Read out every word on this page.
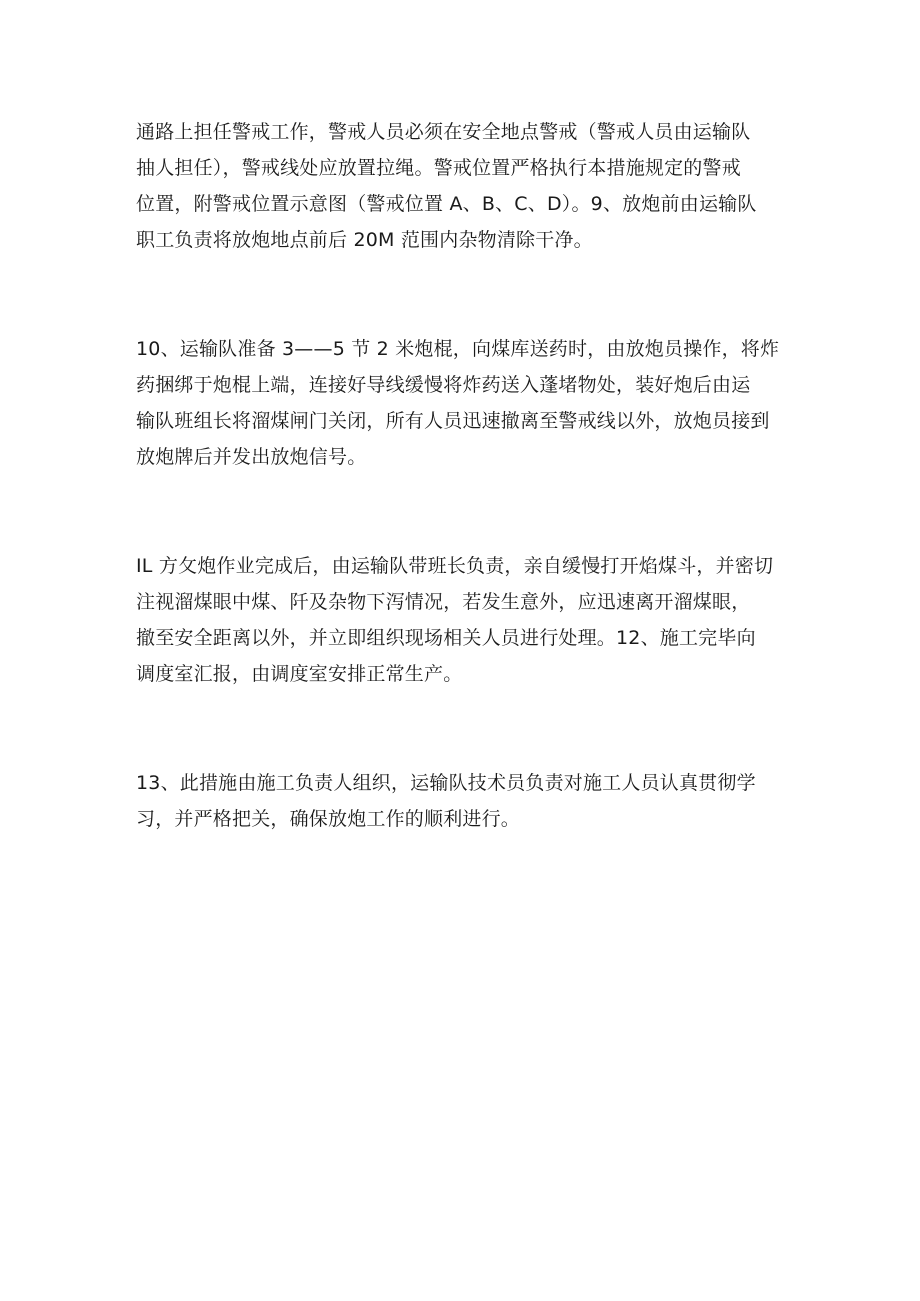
通路上担任警戒工作，警戒人员必须在安全地点警戒（警戒人员由运输队
抽人担任），警戒线处应放置拉绳。警戒位置严格执行本措施规定的警戒
位置，附警戒位置示意图（警戒位置 A、B、C、D）。9、放炮前由运输队
职工负责将放炮地点前后 20M 范围内杂物清除干净。
10、运输队准备 3——5 节 2 米炮棍，向煤库送药时，由放炮员操作，将炸
药捆绑于炮棍上端，连接好导线缓慢将炸药送入蓬堵物处，装好炮后由运
输队班组长将溜煤闸门关闭，所有人员迅速撤离至警戒线以外，放炮员接到
放炮牌后并发出放炮信号。
IL 方攵炮作业完成后，由运输队带班长负责，亲自缓慢打开焰煤斗，并密切
注视溜煤眼中煤、阡及杂物下泻情况，若发生意外，应迅速离开溜煤眼，
撤至安全距离以外，并立即组织现场相关人员进行处理。12、施工完毕向
调度室汇报，由调度室安排正常生产。
13、此措施由施工负责人组织，运输队技术员负责对施工人员认真贯彻学
习，并严格把关，确保放炮工作的顺利进行。
